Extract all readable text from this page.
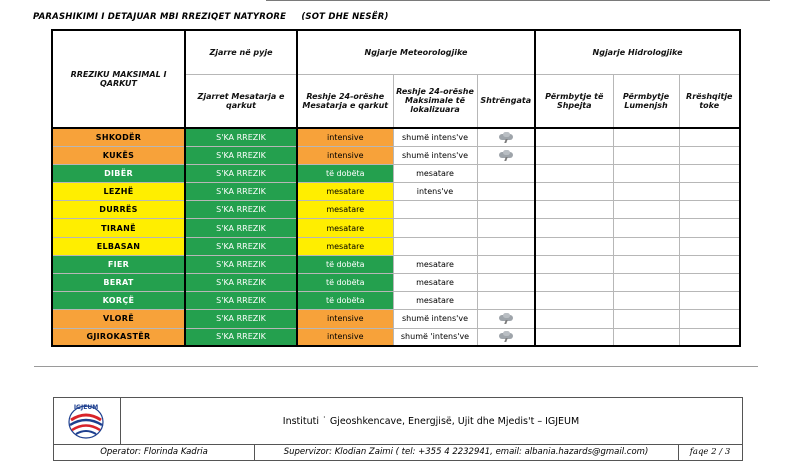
PARASHIKIMI I DETAJUAR MBI RREZIQET NATYRORE (SOT DHE NESËR)
RREZIKU MAKSIMAL I QARKUT	Zjarre në pyje	Ngjarje Meteorologjike			Ngjarje Hidrologjike		
	Zjarret Mesatarja e qarkut	Reshje 24-orëshe Mesatarja e qarkut	Reshje 24-orëshe Maksimale të lokalizuara	Shtrëngata	Përmbytje të Shpejta	Përmbytje Lumenjsh	Rrëshqitje toke
SHKODËR	S'KA RREZIK	intensive	shumë intens've	

KUKËS	S'KA RREZIK	intensive	shumë intens've	

DIBËR	S'KA RREZIK	të dobëta	mesatare				
LEZHË	S'KA RREZIK	mesatare	intens've				
DURRËS	S'KA RREZIK	mesatare					
TIRANË	S'KA RREZIK	mesatare					
ELBASAN	S'KA RREZIK	mesatare					
FIER	S'KA RREZIK	të dobëta	mesatare				
BERAT	S'KA RREZIK	të dobëta	mesatare				
KORÇË	S'KA RREZIK	të dobëta	mesatare				
VLORË	S'KA RREZIK	intensive	shumë intens've	

GJIROKASTËR	S'KA RREZIK	intensive	shumë 'intens've	

IGJEUM
Instituti ˙ Gjeoshkencave, Energjisë, Ujit dhe Mjedis't – IGJEUM
Operator: Florinda Kadria	Supervizor: Klodian Zaimi ( tel: +355 4 2232941, email: albania.hazards@gmail.com)	faqe 2 / 3
